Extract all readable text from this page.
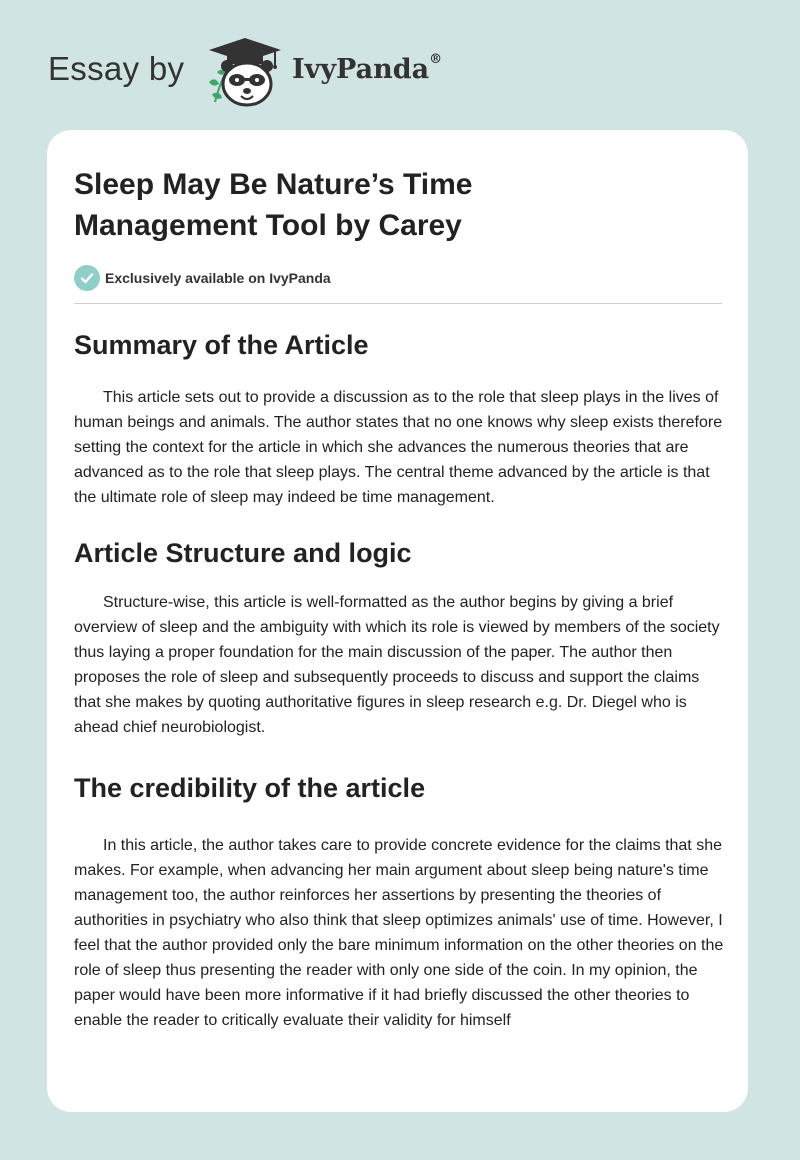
Essay by	IvyPanda®
Sleep May Be Nature’s Time Management Tool by Carey
Exclusively available on IvyPanda
Summary of the Article

This article sets out to provide a discussion as to the role that sleep plays in the lives of human beings and animals. The author states that no one knows why sleep exists therefore setting the context for the article in which she advances the numerous theories that are advanced as to the role that sleep plays. The central theme advanced by the article is that the ultimate role of sleep may indeed be time management.

Article Structure and logic

Structure-wise, this article is well-formatted as the author begins by giving a brief overview of sleep and the ambiguity with which its role is viewed by members of the society thus laying a proper foundation for the main discussion of the paper. The author then proposes the role of sleep and subsequently proceeds to discuss and support the claims that she makes by quoting authoritative figures in sleep research e.g. Dr. Diegel who is ahead chief neurobiologist.

The credibility of the article

In this article, the author takes care to provide concrete evidence for the claims that she makes. For example, when advancing her main argument about sleep being nature's time management too, the author reinforces her assertions by presenting the theories of authorities in psychiatry who also think that sleep optimizes animals' use of time. However, I feel that the author provided only the bare minimum information on the other theories on the role of sleep thus presenting the reader with only one side of the coin. In my opinion, the paper would have been more informative if it had briefly discussed the other theories to enable the reader to critically evaluate their validity for himself
